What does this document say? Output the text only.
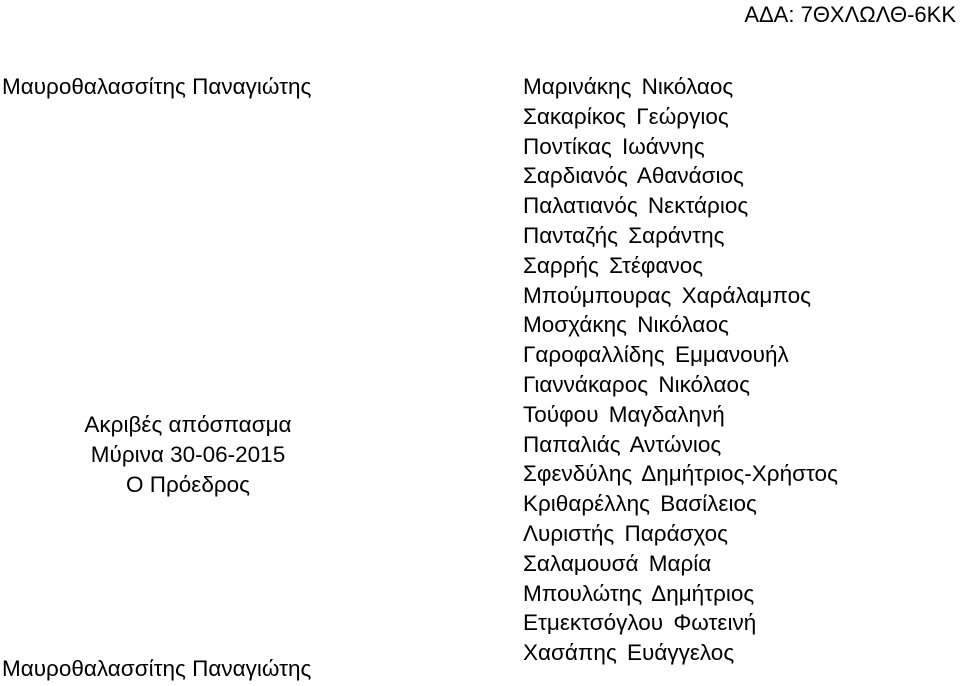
ΑΔΑ: 7ΘΧΛΩΛΘ-6ΚΚ
Μαυροθαλασσίτης Παναγιώτης
Ακριβές απόσπασμα
Μύρινα 30-06-2015
Ο Πρόεδρος
Μαυροθαλασσίτης Παναγιώτης
Μαρινάκης Νικόλαος
Σακαρίκος Γεώργιος
Ποντίκας Ιωάννης
Σαρδιανός Αθανάσιος
Παλατιανός Νεκτάριος
Πανταζής Σαράντης
Σαρρής Στέφανος
Μπούμπουρας Χαράλαμπος
Μοσχάκης Νικόλαος
Γαροφαλλίδης Εμμανουήλ
Γιαννάκαρος Νικόλαος
Τούφου Μαγδαληνή
Παπαλιάς Αντώνιος
Σφενδύλης Δημήτριος-Χρήστος
Κριθαρέλλης Βασίλειος
Λυριστής Παράσχος
Σαλαμουσά Μαρία
Μπουλώτης Δημήτριος
Ετμεκτσόγλου Φωτεινή
Χασάπης Ευάγγελος
